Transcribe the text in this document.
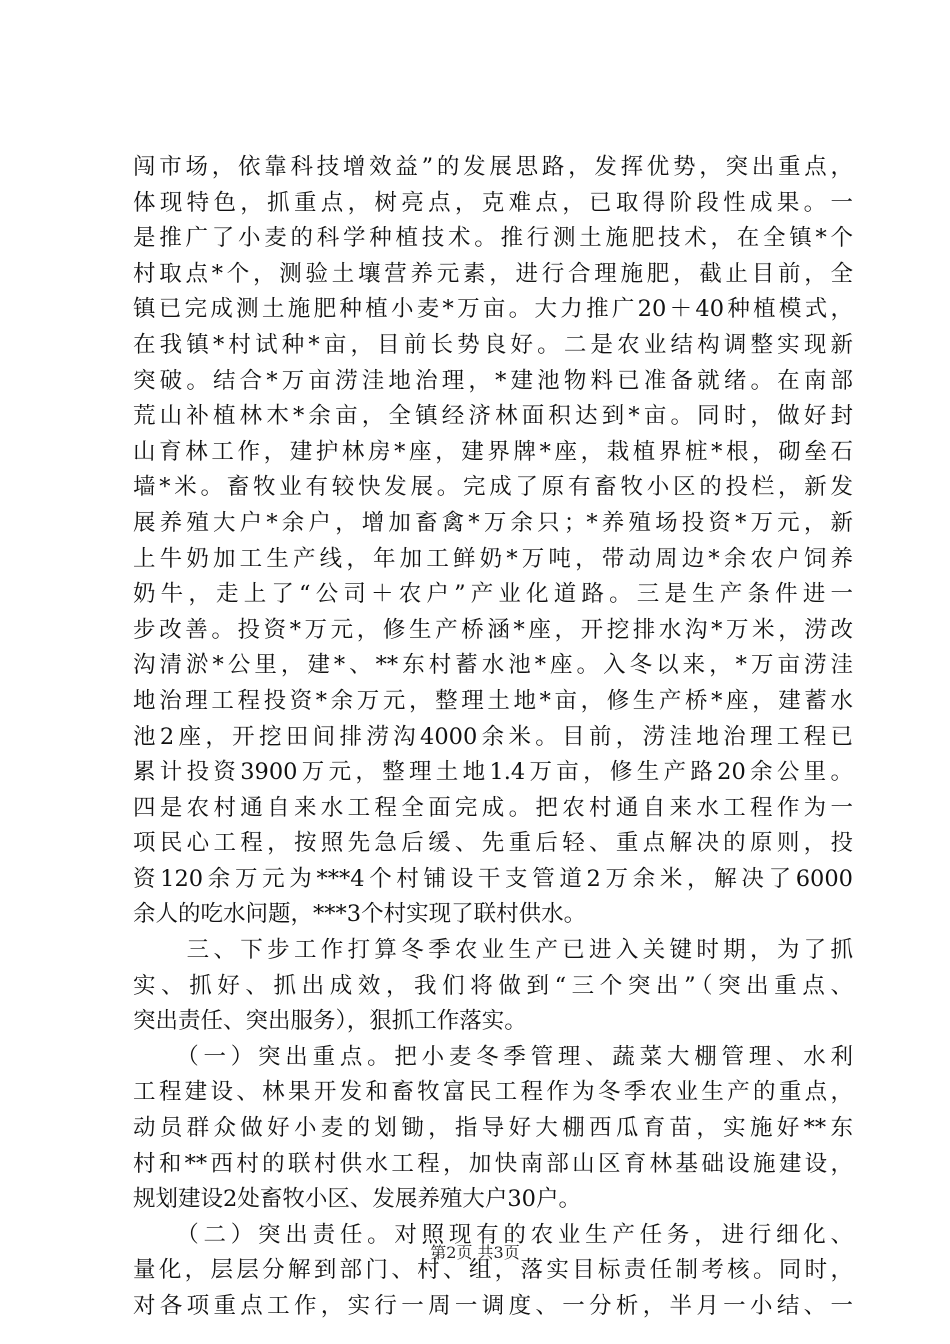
闯市场，依靠科技增效益”的发展思路，发挥优势，突出重点，
体现特色，抓重点，树亮点，克难点，已取得阶段性成果。一
是推广了小麦的科学种植技术。推行测土施肥技术，在全镇*个
村取点*个，测验土壤营养元素，进行合理施肥，截止目前，全
镇已完成测土施肥种植小麦*万亩。大力推广20＋40种植模式，
在我镇*村试种*亩，目前长势良好。二是农业结构调整实现新
突破。结合*万亩涝洼地治理，*建池物料已准备就绪。在南部
荒山补植林木*余亩，全镇经济林面积达到*亩。同时，做好封
山育林工作，建护林房*座，建界牌*座，栽植界桩*根，砌垒石
墙*米。畜牧业有较快发展。完成了原有畜牧小区的投栏，新发
展养殖大户*余户，增加畜禽*万余只；*养殖场投资*万元，新
上牛奶加工生产线，年加工鲜奶*万吨，带动周边*余农户饲养
奶牛，走上了“公司＋农户”产业化道路。三是生产条件进一
步改善。投资*万元，修生产桥涵*座，开挖排水沟*万米，涝改
沟清淤*公里，建*、**东村蓄水池*座。入冬以来，*万亩涝洼
地治理工程投资*余万元，整理土地*亩，修生产桥*座，建蓄水
池2座，开挖田间排涝沟4000余米。目前，涝洼地治理工程已
累计投资3900万元，整理土地1.4万亩，修生产路20余公里。
四是农村通自来水工程全面完成。把农村通自来水工程作为一
项民心工程，按照先急后缓、先重后轻、重点解决的原则，投
资120余万元为***4个村铺设干支管道2万余米，解决了6000
余人的吃水问题，***3个村实现了联村供水。
　　三、下步工作打算冬季农业生产已进入关键时期，为了抓
实、抓好、抓出成效，我们将做到“三个突出”（突出重点、
突出责任、突出服务），狠抓工作落实。
　　（一）突出重点。把小麦冬季管理、蔬菜大棚管理、水利
工程建设、林果开发和畜牧富民工程作为冬季农业生产的重点，
动员群众做好小麦的划锄，指导好大棚西瓜育苗，实施好**东
村和**西村的联村供水工程，加快南部山区育林基础设施建设，
规划建设2处畜牧小区、发展养殖大户30户。
　　（二）突出责任。对照现有的农业生产任务，进行细化、
量化，层层分解到部门、村、组，落实目标责任制考核。同时，
对各项重点工作，实行一周一调度、一分析，半月一小结、一
第2页 共3页
